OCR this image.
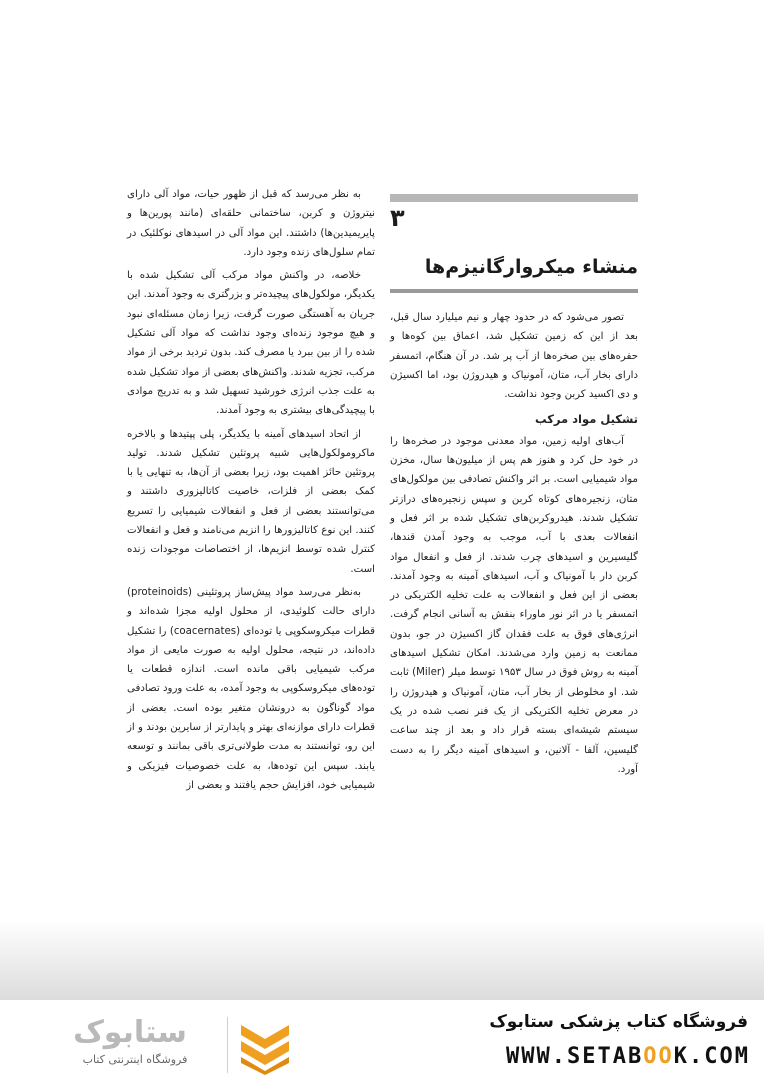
به نظر می‌رسد که قبل از ظهور حیات، مواد آلی دارای نیتروژن و کربن، ساختمانی حلقه‌ای (مانند پورین‌ها و پایریمیدین‌ها) داشتند. این مواد آلی در اسیدهای نوکلئیک در تمام سلول‌های زنده وجود دارد.

خلاصه، در واکنش مواد مرکب آلی تشکیل شده با یکدیگر، مولکول‌های پیچیده‌تر و بزرگتری به وجود آمدند. این جریان به آهستگی صورت گرفت، زیرا زمان مسئله‌ای نبود و هیچ موجود زنده‌ای وجود نداشت که مواد آلی تشکیل شده را از بین ببرد یا مصرف کند. بدون تردید برخی از مواد مرکب، تجزیه شدند. واکنش‌های بعضی از مواد تشکیل شده به علت جذب انرژی خورشید تسهیل شد و به تدریج موادی با پیچیدگی‌های بیشتری به وجود آمدند.

از اتحاد اسیدهای آمینه با یکدیگر، پلی پپتیدها و بالاخره ماکرومولکول‌هایی شبیه پروتئین تشکیل شدند. تولید پروتئین حائز اهمیت بود، زیرا بعضی از آن‌ها، به تنهایی یا با کمک بعضی از فلزات، خاصیت کاتالیزوری داشتند و می‌توانستند بعضی از فعل و انفعالات شیمیایی را تسریع کنند. این نوع کاتالیزورها را انزیم می‌نامند و فعل و انفعالات کنترل شده توسط انزیم‌ها، از اختصاصات موجودات زنده است.

به‌نظر می‌رسد مواد پیش‌ساز پروتئینی (proteinoids) دارای حالت کلوئیدی، از محلول اولیه مجزا شده‌اند و قطرات میکروسکوپی یا توده‌ای (coacernates) را تشکیل داده‌اند، در نتیجه، محلول اولیه به صورت مایعی از مواد مرکب شیمیایی باقی مانده است. اندازه قطعات یا توده‌های میکروسکوپی به وجود آمده، به علت ورود تصادفی مواد گوناگون به درونشان متغیر بوده است. بعضی از قطرات دارای موازنه‌ای بهتر و پایدارتر از سایرین بودند و از این رو، توانستند به مدت طولانی‌تری باقی بمانند و توسعه یابند. سپس این توده‌ها، به علت خصوصیات فیزیکی و شیمیایی خود، افزایش حجم یافتند و بعضی از

۳
منشاء میکروارگانیزم‌ها

تصور می‌شود که در حدود چهار و نیم میلیارد سال قبل، بعد از این که زمین تشکیل شد، اعماق بین کوه‌ها و حفره‌های بین صخره‌ها از آب پر شد. در آن هنگام، اتمسفر دارای بخار آب، متان، آمونیاک و هیدروژن بود، اما اکسیژن و دی اکسید کربن وجود نداشت.

تشکیل مواد مرکب

آب‌های اولیه زمین، مواد معدنی موجود در صخره‌ها را در خود حل کرد و هنوز هم پس از میلیون‌ها سال، مخزن مواد شیمیایی است. بر اثر واکنش تصادفی بین مولکول‌های متان، زنجیره‌های کوتاه کربن و سپس زنجیره‌های درازتر تشکیل شدند. هیدروکربن‌های تشکیل شده بر اثر فعل و انفعالات بعدی با آب، موجب به وجود آمدن قندها، گلیسیرین و اسیدهای چرب شدند. از فعل و انفعال مواد کربن دار با آمونیاک و آب، اسیدهای آمینه به وجود آمدند. بعضی از این فعل و انفعالات به علت تخلیه الکتریکی در اتمسفر یا در اثر نور ماوراء بنفش به آسانی انجام گرفت. انرژی‌های فوق به علت فقدان گاز اکسیژن در جو، بدون ممانعت به زمین وارد می‌شدند. امکان تشکیل اسیدهای آمینه به روش فوق در سال ۱۹۵۳ توسط میلر (Miler) ثابت شد. او مخلوطی از بخار آب، متان، آمونیاک و هیدروژن را در معرض تخلیه الکتریکی از یک فنر نصب شده در یک سیستم شیشه‌ای بسته قرار داد و بعد از چند ساعت گلیسین، آلفا - آلانین، و اسیدهای آمینه دیگر را به دست آورد.

فروشگاه کتاب پزشکی ستابوک
WWW.SETABOOK.COM
ستابوک
فروشگاه اینترنتی کتاب
